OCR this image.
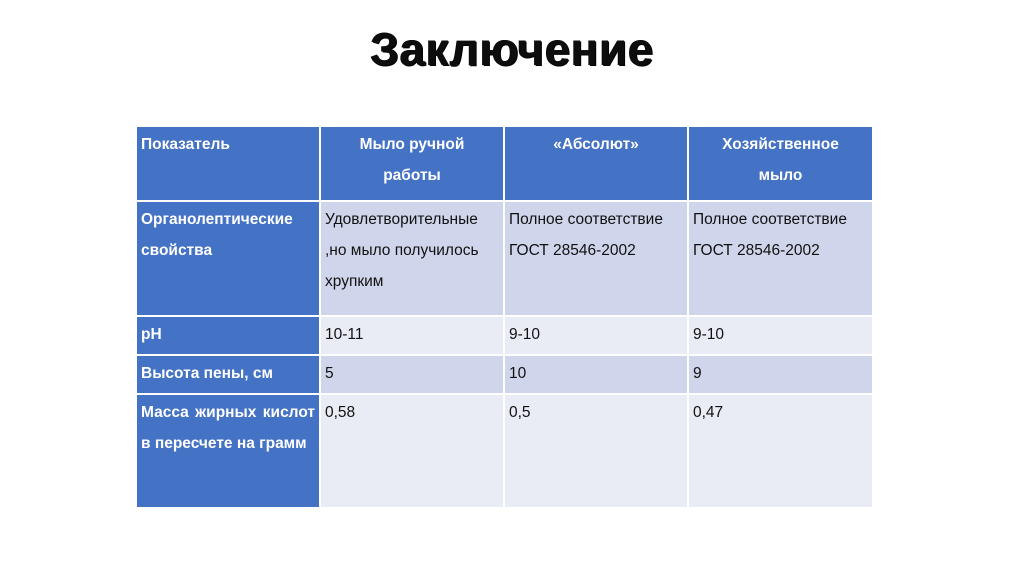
Заключение
Показатель	Мыло ручной работы	«Абсолют»	Хозяйственное мыло
Органолептические свойства	Удовлетворительные ,но мыло получилось хрупким	Полное соответствие ГОСТ 28546-2002	Полное соответствие ГОСТ 28546-2002
pH	10-11	9-10	9-10
Высота пены, см	5	10	9
Масса жирных кислот в пересчете на грамм	0,58	0,5	0,47
